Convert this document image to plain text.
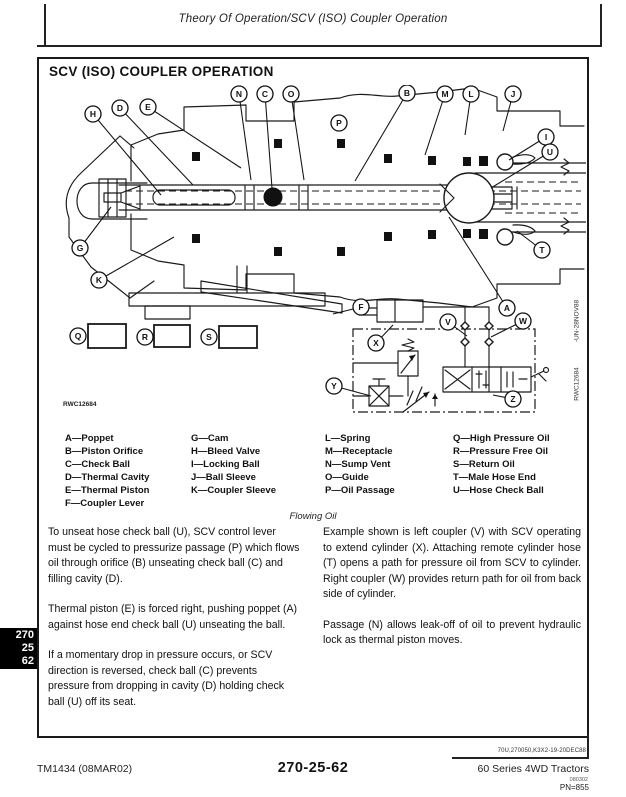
Theory Of Operation/SCV (ISO) Coupler Operation
SCV (ISO) COUPLER OPERATION
RWC12684
H
D	E
N C O	B	M L	J
P
I
U
T
G
K
F	A
V	W
X
Y
Z
Q	R	S
A—Poppet
B—Piston Orifice
C—Check Ball
D—Thermal Cavity
E—Thermal Piston
F—Coupler Lever
G—Cam
H—Bleed Valve
I—Locking Ball
J—Ball Sleeve
K—Coupler Sleeve
L—Spring
M—Receptacle
N—Sump Vent
O—Guide
P—Oil Passage
Q—High Pressure Oil
R—Pressure Free Oil
S—Return Oil
T—Male Hose End
U—Hose Check Ball
Flowing Oil

To unseat hose check ball (U), SCV control lever must be cycled to pressurize passage (P) which flows oil through orifice (B) unseating check ball (C) and filling cavity (D).

Thermal piston (E) is forced right, pushing poppet (A) against hose end check ball (U) unseating the ball.

If a momentary drop in pressure occurs, or SCV direction is reversed, check ball (C) prevents pressure from dropping in cavity (D) holding check ball (U) off its seat.

Example shown is left coupler (V) with SCV operating to extend cylinder (X). Attaching remote cylinder hose (T) opens a path for pressure oil from SCV to cylinder. Right coupler (W) provides return path for oil from back side of cylinder.

Passage (N) allows leak-off of oil to prevent hydraulic lock as thermal piston moves.

RWC12684
-UN-28NOV88
270
25
62
70U,270050,K3X2-19-20DEC88
TM1434 (08MAR02)	270-25-62	60 Series 4WD Tractors
080302
PN=855
